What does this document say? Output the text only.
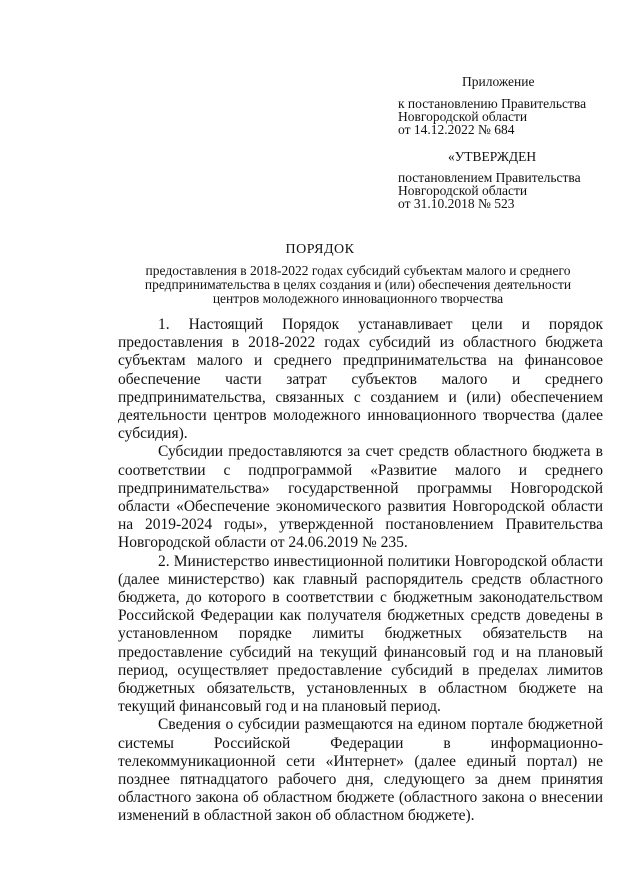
Приложение
к постановлению Правительства
Новгородской области
от 14.12.2022 № 684
«УТВЕРЖДЕН
постановлением Правительства
Новгородской области
от 31.10.2018 № 523
ПОРЯДОК
предоставления в 2018-2022 годах субсидий субъектам малого и среднего
предпринимательства в целях создания и (или) обеспечения деятельности
центров молодежного инновационного творчества

1. Настоящий Порядок устанавливает цели и порядок предоставления в 2018-2022 годах субсидий из областного бюджета субъектам малого и среднего предпринимательства на финансовое обеспечение части затрат субъектов малого и среднего предпринимательства, связанных с созданием и (или) обеспечением деятельности центров молодежного инновационного творчества (далее субсидия).

Субсидии предоставляются за счет средств областного бюджета в соответствии с подпрограммой «Развитие малого и среднего предпринимательства» государственной программы Новгородской области «Обеспечение экономического развития Новгородской области на 2019-2024 годы», утвержденной постановлением Правительства Новгородской области от 24.06.2019 № 235.

2. Министерство инвестиционной политики Новгородской области (далее министерство) как главный распорядитель средств областного бюджета, до которого в соответствии с бюджетным законодательством Российской Федерации как получателя бюджетных средств доведены в установленном порядке лимиты бюджетных обязательств на предоставление субсидий на текущий финансовый год и на плановый период, осуществляет предоставление субсидий в пределах лимитов бюджетных обязательств, установленных в областном бюджете на текущий финансовый год и на плановый период.

Сведения о субсидии размещаются на едином портале бюджетной системы Российской Федерации в информационно-телекоммуникационной сети «Интернет» (далее единый портал) не позднее пятнадцатого рабочего дня, следующего за днем принятия областного закона об областном бюджете (областного закона о внесении изменений в областной закон об областном бюджете).
